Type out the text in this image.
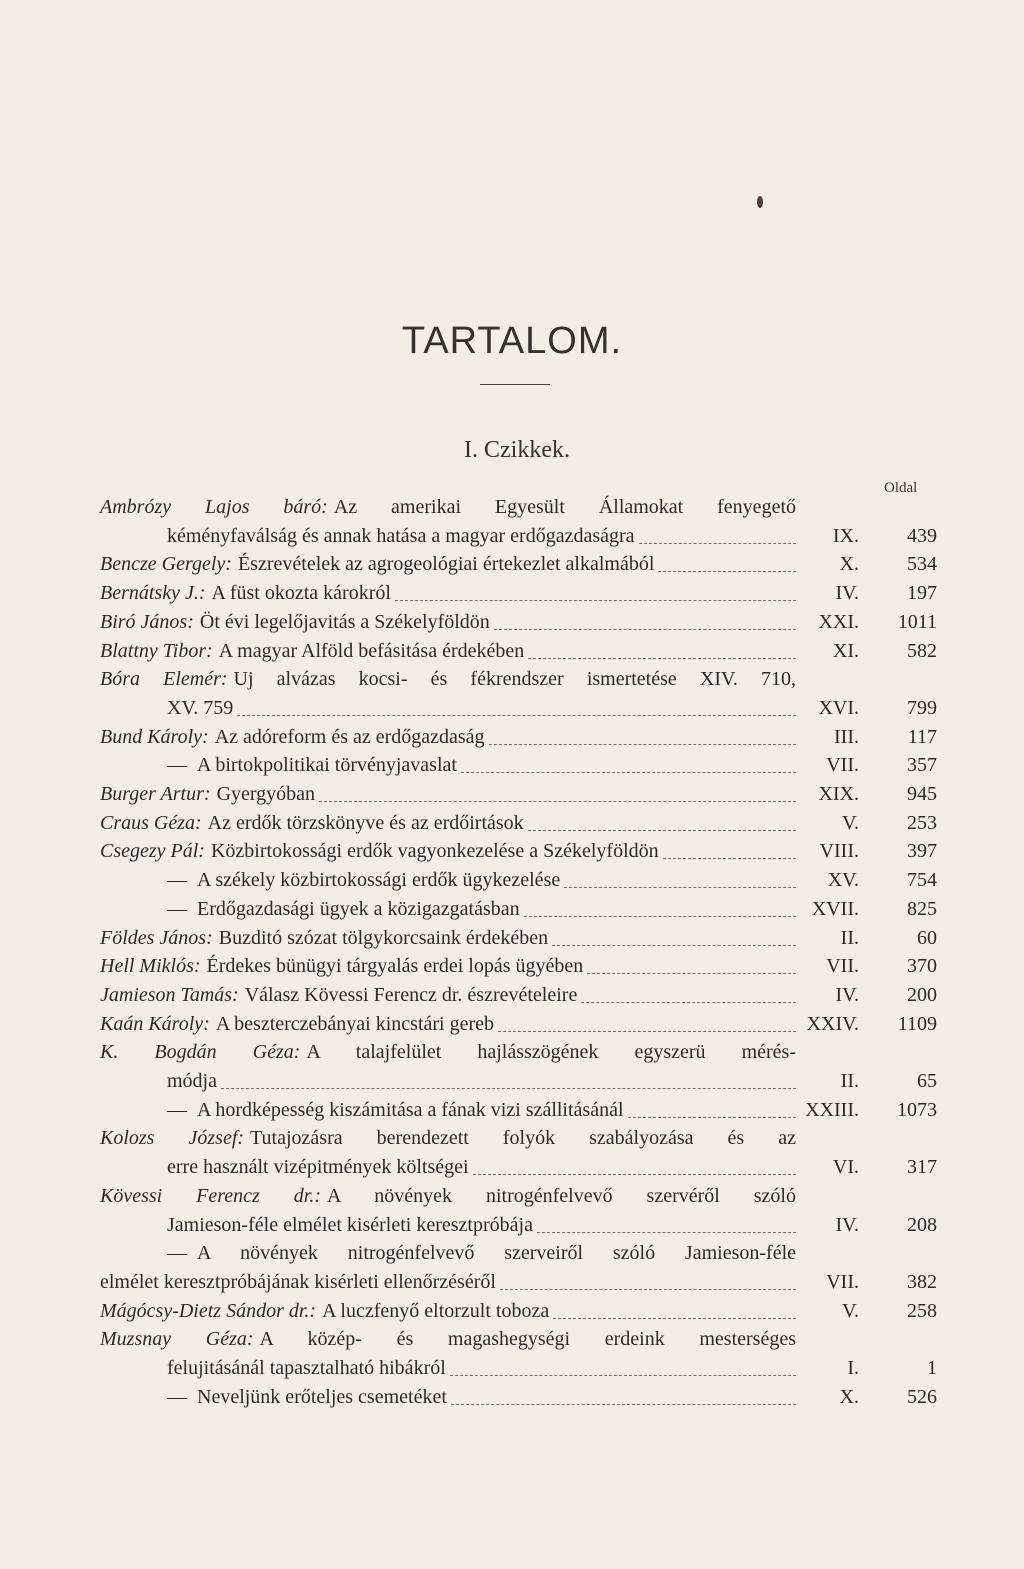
TARTALOM.
I. Czikkek.
Oldal
Ambrózy Lajos báró: Az amerikai Egyesült Államokat fenyegető
kéményfaválság és annak hatása a magyar erdőgazdaságra	IX.	439
Bencze Gergely: Észrevételek az agrogeológiai értekezlet alkalmából	X.	534
Bernátsky J.: A füst okozta károkról	IV.	197
Biró János: Öt évi legelőjavitás a Székelyföldön	XXI.	1011
Blattny Tibor: A magyar Alföld befásitása érdekében	XI.	582
Bóra Elemér: Uj alvázas kocsi- és fékrendszer ismertetése XIV. 710,
XV. 759	XVI.	799
Bund Károly: Az adóreform és az erdőgazdaság	III.	117
— A birtokpolitikai törvényjavaslat	VII.	357
Burger Artur: Gyergyóban	XIX.	945
Craus Géza: Az erdők törzskönyve és az erdőirtások	V.	253
Csegezy Pál: Közbirtokossági erdők vagyonkezelése a Székelyföldön	VIII.	397
— A székely közbirtokossági erdők ügykezelése	XV.	754
— Erdőgazdasági ügyek a közigazgatásban	XVII.	825
Földes János: Buzditó szózat tölgykorcsaink érdekében	II.	60
Hell Miklós: Érdekes bünügyi tárgyalás erdei lopás ügyében	VII.	370
Jamieson Tamás: Válasz Kövessi Ferencz dr. észrevételeire	IV.	200
Kaán Károly: A beszterczebányai kincstári gereb	XXIV.	1109
K. Bogdán Géza: A talajfelület hajlásszögének egyszerü mérés-
módja	II.	65
— A hordképesség kiszámitása a fának vizi szállitásánál	XXIII.	1073
Kolozs József: Tutajozásra berendezett folyók szabályozása és az
erre használt vizépitmények költségei	VI.	317
Kövessi Ferencz dr.: A növények nitrogénfelvevő szervéről szóló
Jamieson-féle elmélet kisérleti keresztpróbája	IV.	208
— A növények nitrogénfelvevő szerveiről szóló Jamieson-féle
elmélet keresztpróbájának kisérleti ellenőrzéséről	VII.	382
Mágócsy-Dietz Sándor dr.: A luczfenyő eltorzult toboza	V.	258
Muzsnay Géza: A közép- és magashegységi erdeink mesterséges
felujitásánál tapasztalható hibákról	I.	1
— Neveljünk erőteljes csemetéket	X.	526
